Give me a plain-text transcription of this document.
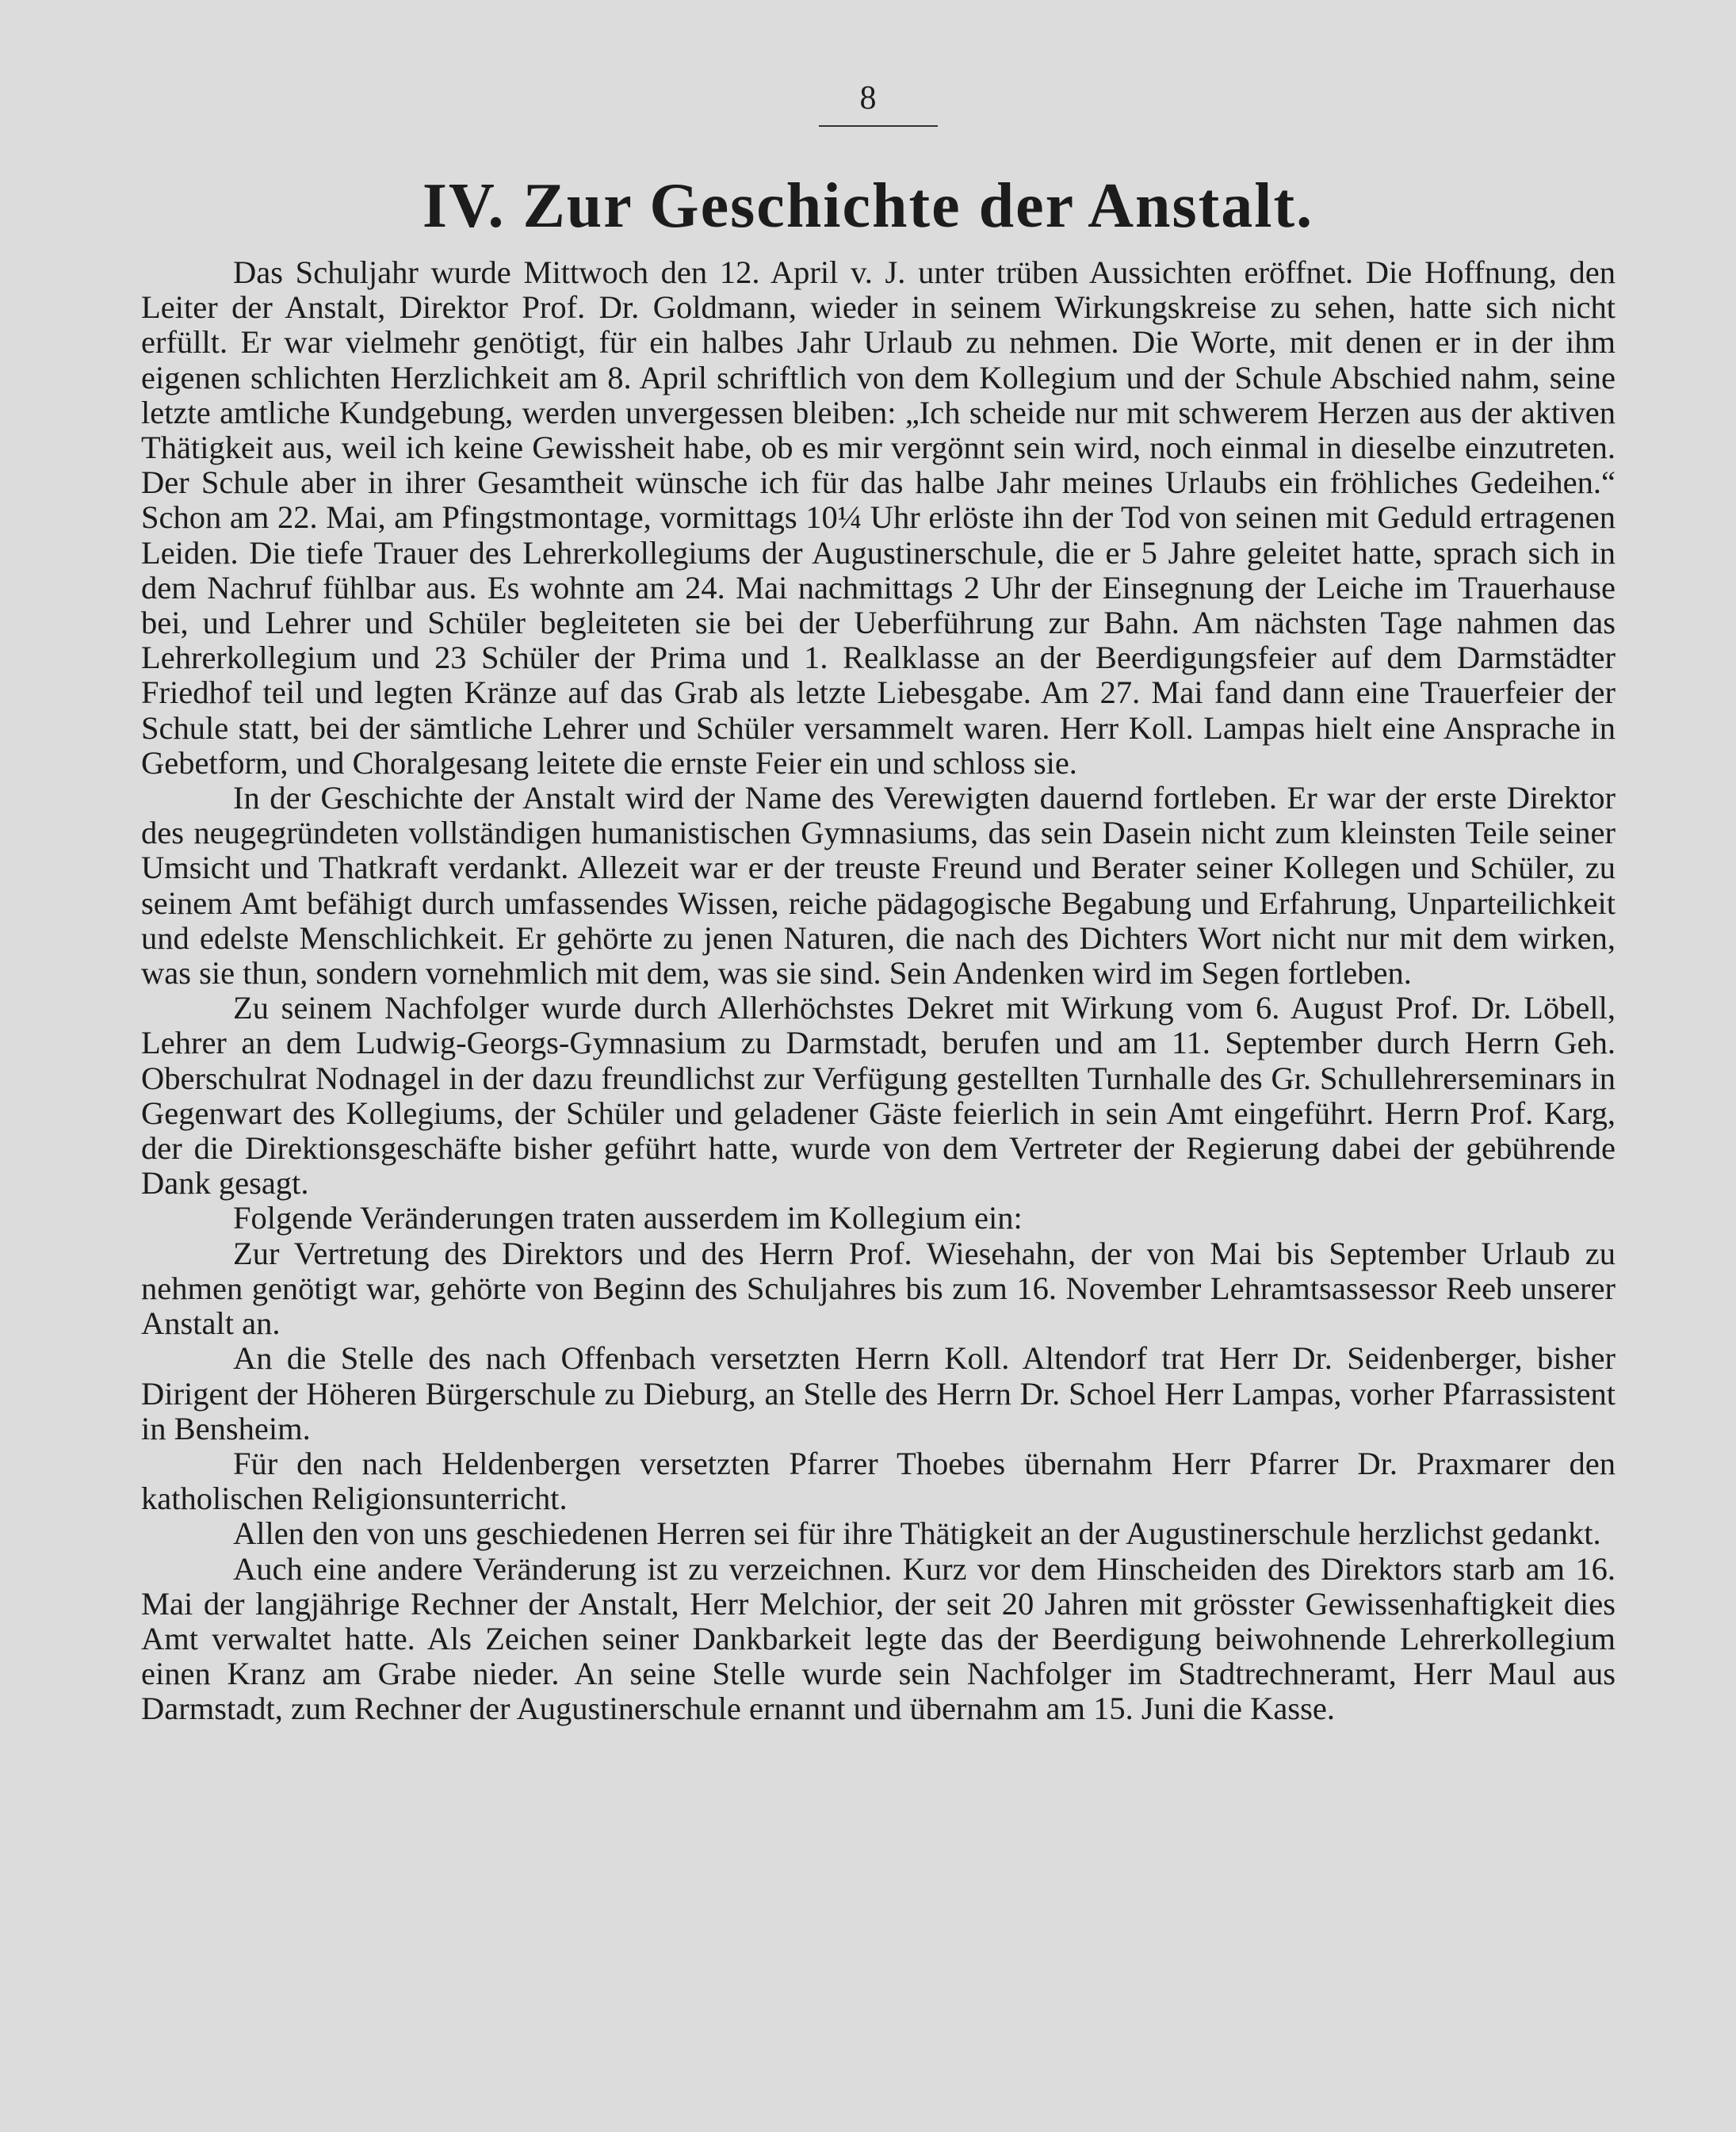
8
IV. Zur Geschichte der Anstalt.

Das Schuljahr wurde Mittwoch den 12. April v. J. unter trüben Aussichten eröffnet. Die Hoffnung, den Leiter der Anstalt, Direktor Prof. Dr. Goldmann, wieder in seinem Wirkungskreise zu sehen, hatte sich nicht erfüllt. Er war vielmehr genötigt, für ein halbes Jahr Urlaub zu nehmen. Die Worte, mit denen er in der ihm eigenen schlichten Herzlichkeit am 8. April schriftlich von dem Kollegium und der Schule Abschied nahm, seine letzte amtliche Kundgebung, werden unvergessen bleiben: „Ich scheide nur mit schwerem Herzen aus der aktiven Thätigkeit aus, weil ich keine Gewissheit habe, ob es mir vergönnt sein wird, noch einmal in dieselbe einzutreten. Der Schule aber in ihrer Gesamtheit wünsche ich für das halbe Jahr meines Urlaubs ein fröhliches Gedeihen.“ Schon am 22. Mai, am Pfingstmontage, vormittags 10¼ Uhr erlöste ihn der Tod von seinen mit Geduld ertragenen Leiden. Die tiefe Trauer des Lehrerkollegiums der Augustinerschule, die er 5 Jahre geleitet hatte, sprach sich in dem Nachruf fühlbar aus. Es wohnte am 24. Mai nachmittags 2 Uhr der Einsegnung der Leiche im Trauerhause bei, und Lehrer und Schüler begleiteten sie bei der Ueberführung zur Bahn. Am nächsten Tage nahmen das Lehrerkollegium und 23 Schüler der Prima und 1. Realklasse an der Beerdigungsfeier auf dem Darmstädter Friedhof teil und legten Kränze auf das Grab als letzte Liebesgabe. Am 27. Mai fand dann eine Trauerfeier der Schule statt, bei der sämtliche Lehrer und Schüler versammelt waren. Herr Koll. Lampas hielt eine Ansprache in Gebetform, und Choralgesang leitete die ernste Feier ein und schloss sie.

In der Geschichte der Anstalt wird der Name des Verewigten dauernd fortleben. Er war der erste Direktor des neugegründeten vollständigen humanistischen Gymnasiums, das sein Dasein nicht zum kleinsten Teile seiner Umsicht und Thatkraft verdankt. Allezeit war er der treuste Freund und Berater seiner Kollegen und Schüler, zu seinem Amt befähigt durch umfassendes Wissen, reiche pädagogische Begabung und Erfahrung, Unparteilichkeit und edelste Menschlichkeit. Er gehörte zu jenen Naturen, die nach des Dichters Wort nicht nur mit dem wirken, was sie thun, sondern vornehmlich mit dem, was sie sind. Sein Andenken wird im Segen fortleben.

Zu seinem Nachfolger wurde durch Allerhöchstes Dekret mit Wirkung vom 6. August Prof. Dr. Löbell, Lehrer an dem Ludwig-Georgs-Gymnasium zu Darmstadt, berufen und am 11. September durch Herrn Geh. Oberschulrat Nodnagel in der dazu freundlichst zur Verfügung gestellten Turnhalle des Gr. Schullehrerseminars in Gegenwart des Kollegiums, der Schüler und geladener Gäste feierlich in sein Amt eingeführt. Herrn Prof. Karg, der die Direktionsgeschäfte bisher geführt hatte, wurde von dem Vertreter der Regierung dabei der gebührende Dank gesagt.

Folgende Veränderungen traten ausserdem im Kollegium ein:

Zur Vertretung des Direktors und des Herrn Prof. Wiesehahn, der von Mai bis September Urlaub zu nehmen genötigt war, gehörte von Beginn des Schuljahres bis zum 16. November Lehramtsassessor Reeb unserer Anstalt an.

An die Stelle des nach Offenbach versetzten Herrn Koll. Altendorf trat Herr Dr. Seidenberger, bisher Dirigent der Höheren Bürgerschule zu Dieburg, an Stelle des Herrn Dr. Schoel Herr Lampas, vorher Pfarrassistent in Bensheim.

Für den nach Heldenbergen versetzten Pfarrer Thoebes übernahm Herr Pfarrer Dr. Praxmarer den katholischen Religionsunterricht.

Allen den von uns geschiedenen Herren sei für ihre Thätigkeit an der Augustinerschule herzlichst gedankt.

Auch eine andere Veränderung ist zu verzeichnen. Kurz vor dem Hinscheiden des Direktors starb am 16. Mai der langjährige Rechner der Anstalt, Herr Melchior, der seit 20 Jahren mit grösster Gewissenhaftigkeit dies Amt verwaltet hatte. Als Zeichen seiner Dankbarkeit legte das der Beerdigung beiwohnende Lehrerkollegium einen Kranz am Grabe nieder. An seine Stelle wurde sein Nachfolger im Stadtrechneramt, Herr Maul aus Darmstadt, zum Rechner der Augustinerschule ernannt und übernahm am 15. Juni die Kasse.
